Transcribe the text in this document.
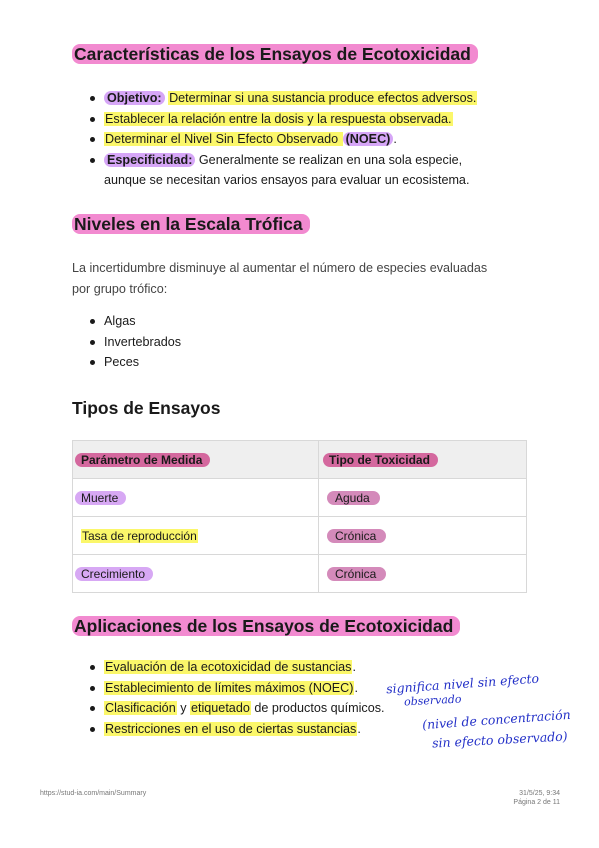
Características de los Ensayos de Ecotoxicidad
Objetivo: Determinar si una sustancia produce efectos adversos.
Establecer la relación entre la dosis y la respuesta observada.
Determinar el Nivel Sin Efecto Observado (NOEC) .
Especificidad: Generalmente se realizan en una sola especie,
aunque se necesitan varios ensayos para evaluar un ecosistema.
Niveles en la Escala Trófica

La incertidumbre disminuye al aumentar el número de especies evaluadas
por grupo trófico:

Algas
Invertebrados
Peces
Tipos de Ensayos
Parámetro de Medida	Tipo de Toxicidad
Muerte	Aguda
Tasa de reproducción	Crónica
Crecimiento	Crónica
Aplicaciones de los Ensayos de Ecotoxicidad
Evaluación de la ecotoxicidad de sustancias.
Establecimiento de límites máximos (NOEC).
Clasificación y etiquetado de productos químicos.
Restricciones en el uso de ciertas sustancias.
significa nivel sin efecto
observado
(nivel de concentración
sin efecto observado)
https://stud-ia.com/main/Summary	31/5/25, 9:34
Página 2 de 11
